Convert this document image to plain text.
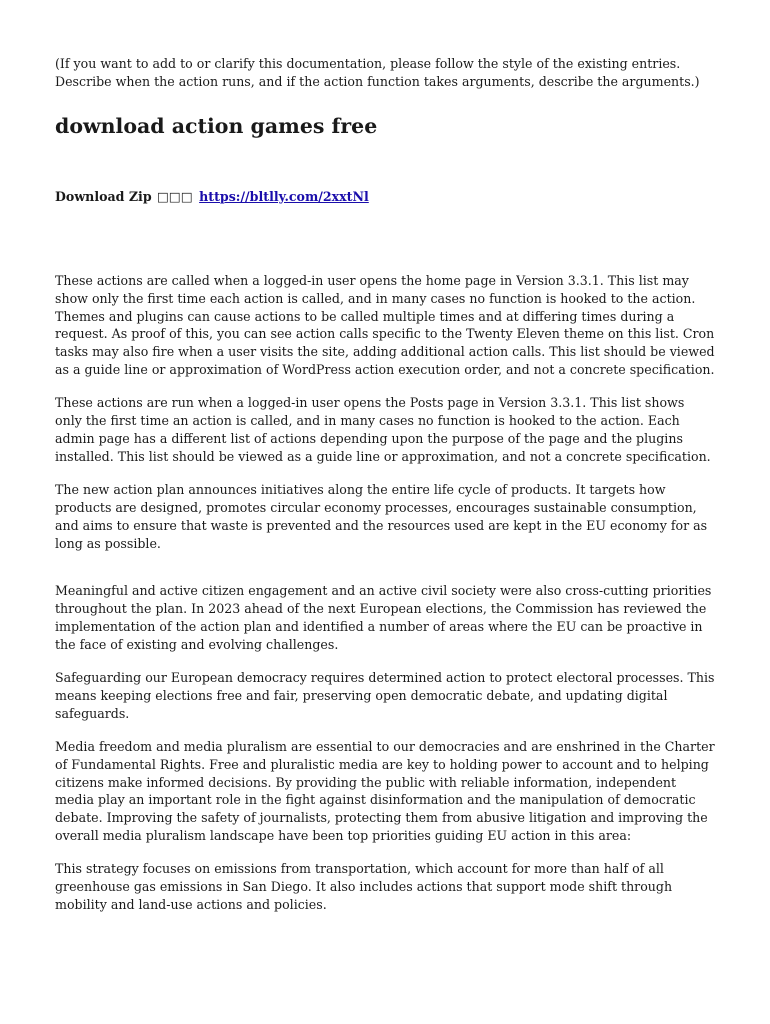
(If you want to add to or clarify this documentation, please follow the style of the existing entries. Describe when the action runs, and if the action function takes arguments, describe the arguments.)

download action games free
Download Zip □□□ https://bltlly.com/2xxtNl

These actions are called when a logged-in user opens the home page in Version 3.3.1. This list may show only the first time each action is called, and in many cases no function is hooked to the action. Themes and plugins can cause actions to be called multiple times and at differing times during a request. As proof of this, you can see action calls specific to the Twenty Eleven theme on this list. Cron tasks may also fire when a user visits the site, adding additional action calls. This list should be viewed as a guide line or approximation of WordPress action execution order, and not a concrete specification.

These actions are run when a logged-in user opens the Posts page in Version 3.3.1. This list shows only the first time an action is called, and in many cases no function is hooked to the action. Each admin page has a different list of actions depending upon the purpose of the page and the plugins installed. This list should be viewed as a guide line or approximation, and not a concrete specification.

The new action plan announces initiatives along the entire life cycle of products. It targets how products are designed, promotes circular economy processes, encourages sustainable consumption, and aims to ensure that waste is prevented and the resources used are kept in the EU economy for as long as possible.

Meaningful and active citizen engagement and an active civil society were also cross-cutting priorities throughout the plan. In 2023 ahead of the next European elections, the Commission has reviewed the implementation of the action plan and identified a number of areas where the EU can be proactive in the face of existing and evolving challenges.

Safeguarding our European democracy requires determined action to protect electoral processes. This means keeping elections free and fair, preserving open democratic debate, and updating digital safeguards.

Media freedom and media pluralism are essential to our democracies and are enshrined in the Charter of Fundamental Rights. Free and pluralistic media are key to holding power to account and to helping citizens make informed decisions. By providing the public with reliable information, independent media play an important role in the fight against disinformation and the manipulation of democratic debate. Improving the safety of journalists, protecting them from abusive litigation and improving the overall media pluralism landscape have been top priorities guiding EU action in this area:

This strategy focuses on emissions from transportation, which account for more than half of all greenhouse gas emissions in San Diego. It also includes actions that support mode shift through mobility and land-use actions and policies.
